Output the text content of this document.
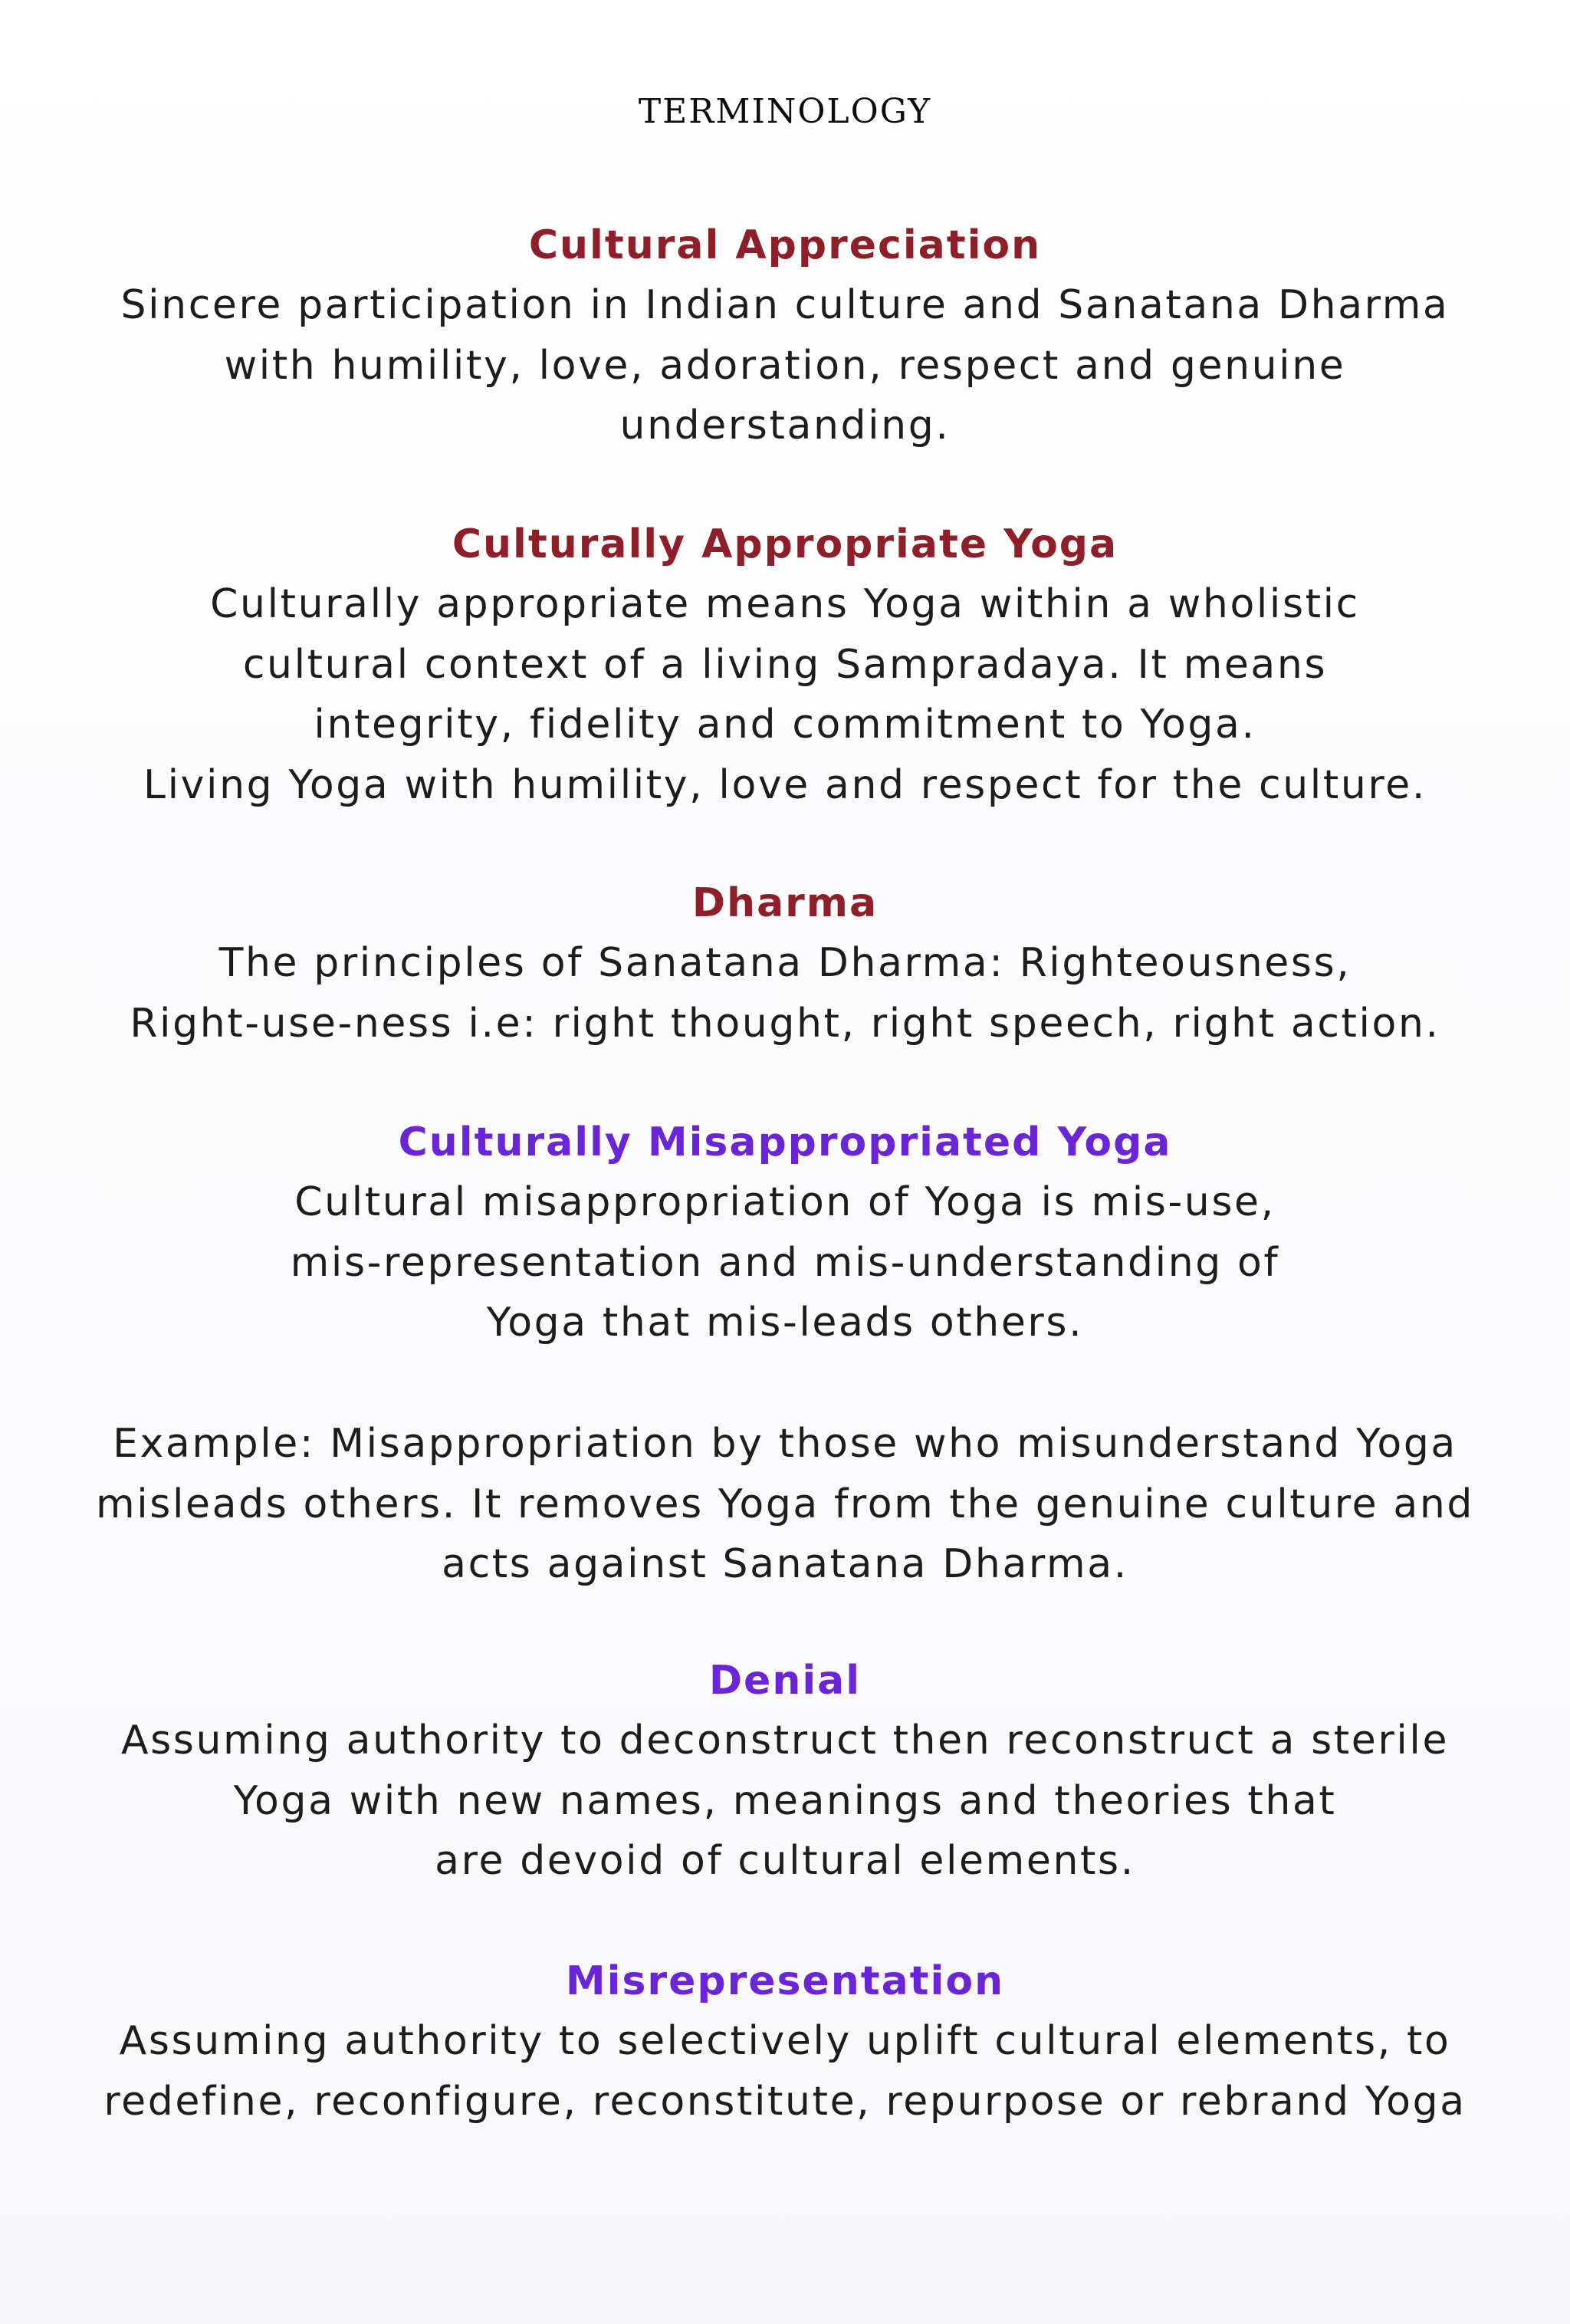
TERMINOLOGY
Cultural Appreciation
Sincere participation in Indian culture and Sanatana Dharma
with humility, love, adoration, respect and genuine
understanding.
Culturally Appropriate Yoga
Culturally appropriate means Yoga within a wholistic
cultural context of a living Sampradaya. It means
integrity, fidelity and commitment to Yoga.
Living Yoga with humility, love and respect for the culture.
Dharma
The principles of Sanatana Dharma: Righteousness,
Right-use-ness i.e: right thought, right speech, right action.
Culturally Misappropriated Yoga
Cultural misappropriation of Yoga is mis-use,
mis-representation and mis-understanding of
Yoga that mis-leads others.
Example: Misappropriation by those who misunderstand Yoga
misleads others. It removes Yoga from the genuine culture and
acts against Sanatana Dharma.
Denial
Assuming authority to deconstruct then reconstruct a sterile
Yoga with new names, meanings and theories that
are devoid of cultural elements.
Misrepresentation
Assuming authority to selectively uplift cultural elements, to
redefine, reconfigure, reconstitute, repurpose or rebrand Yoga
